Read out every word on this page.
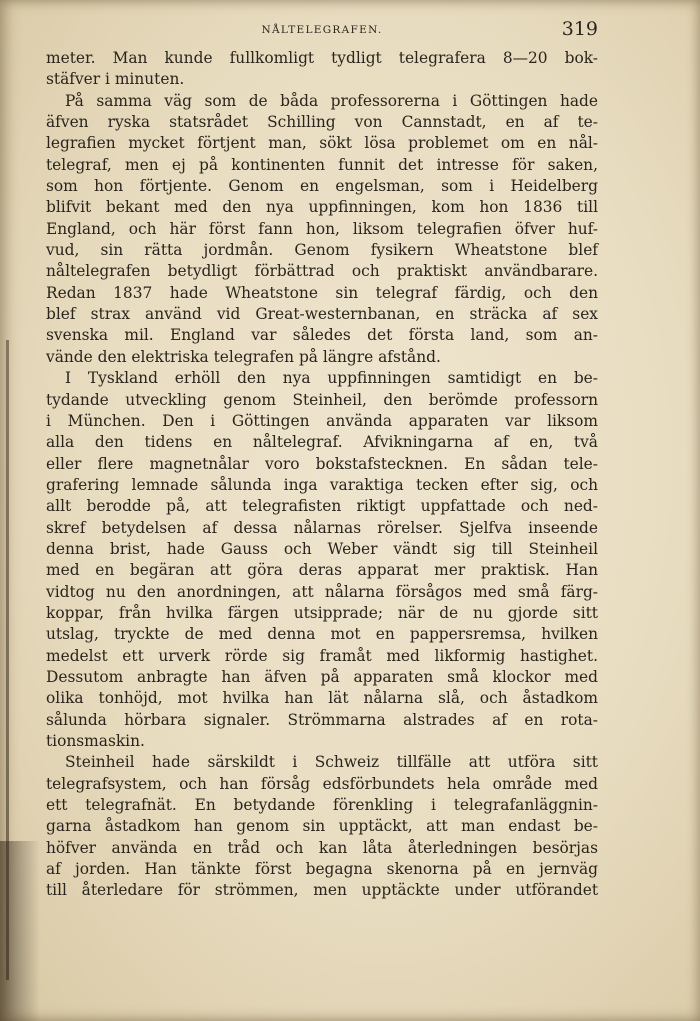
NÅLTELEGRAFEN.	319
meter. Man kunde fullkomligt tydligt telegrafera 8—20 bok-
stäfver i minuten.
På samma väg som de båda professorerna i Göttingen hade
äfven ryska statsrådet Schilling von Cannstadt, en af te-
legrafien mycket förtjent man, sökt lösa problemet om en nål-
telegraf, men ej på kontinenten funnit det intresse för saken,
som hon förtjente. Genom en engelsman, som i Heidelberg
blifvit bekant med den nya uppfinningen, kom hon 1836 till
England, och här först fann hon, liksom telegrafien öfver huf-
vud, sin rätta jordmån. Genom fysikern Wheatstone blef
nåltelegrafen betydligt förbättrad och praktiskt användbarare.
Redan 1837 hade Wheatstone sin telegraf färdig, och den
blef strax använd vid Great-westernbanan, en sträcka af sex
svenska mil. England var således det första land, som an-
vände den elektriska telegrafen på längre afstånd.
I Tyskland erhöll den nya uppfinningen samtidigt en be-
tydande utveckling genom Steinheil, den berömde professorn
i München. Den i Göttingen använda apparaten var liksom
alla den tidens en nåltelegraf. Afvikningarna af en, två
eller flere magnetnålar voro bokstafstecknen. En sådan tele-
grafering lemnade sålunda inga varaktiga tecken efter sig, och
allt berodde på, att telegrafisten riktigt uppfattade och ned-
skref betydelsen af dessa nålarnas rörelser. Sjelfva inseende
denna brist, hade Gauss och Weber vändt sig till Steinheil
med en begäran att göra deras apparat mer praktisk. Han
vidtog nu den anordningen, att nålarna försågos med små färg-
koppar, från hvilka färgen utsipprade; när de nu gjorde sitt
utslag, tryckte de med denna mot en pappersremsa, hvilken
medelst ett urverk rörde sig framåt med likformig hastighet.
Dessutom anbragte han äfven på apparaten små klockor med
olika tonhöjd, mot hvilka han lät nålarna slå, och åstadkom
sålunda hörbara signaler. Strömmarna alstrades af en rota-
tionsmaskin.
Steinheil hade särskildt i Schweiz tillfälle att utföra sitt
telegrafsystem, och han försåg edsförbundets hela område med
ett telegrafnät. En betydande förenkling i telegrafanläggnin-
garna åstadkom han genom sin upptäckt, att man endast be-
höfver använda en tråd och kan låta återledningen besörjas
af jorden. Han tänkte först begagna skenorna på en jernväg
till återledare för strömmen, men upptäckte under utförandet
